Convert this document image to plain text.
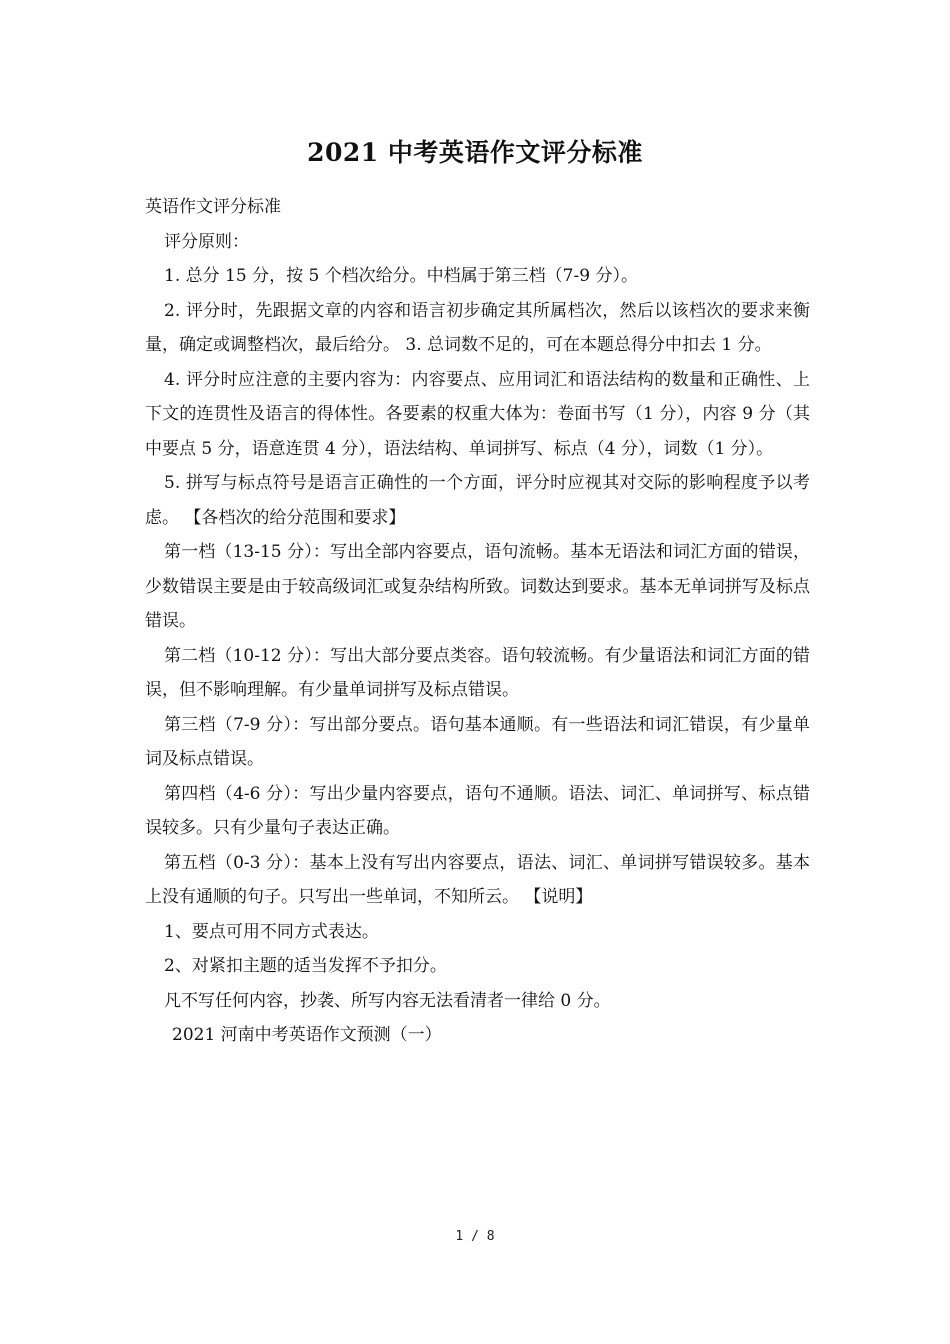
2021 中考英语作文评分标准

英语作文评分标准

评分原则：

1. 总分 15 分，按 5 个档次给分。中档属于第三档（7-9 分）。

2. 评分时，先跟据文章的内容和语言初步确定其所属档次，然后以该档次的要求来衡量，确定或调整档次，最后给分。 3. 总词数不足的，可在本题总得分中扣去 1 分。

4. 评分时应注意的主要内容为：内容要点、应用词汇和语法结构的数量和正确性、上下文的连贯性及语言的得体性。各要素的权重大体为：卷面书写（1 分），内容 9 分（其中要点 5 分，语意连贯 4 分），语法结构、单词拼写、标点（4 分），词数（1 分）。

5. 拼写与标点符号是语言正确性的一个方面，评分时应视其对交际的影响程度予以考虑。 【各档次的给分范围和要求】

第一档（13-15 分）：写出全部内容要点，语句流畅。基本无语法和词汇方面的错误，少数错误主要是由于较高级词汇或复杂结构所致。词数达到要求。基本无单词拼写及标点错误。

第二档（10-12 分）：写出大部分要点类容。语句较流畅。有少量语法和词汇方面的错误，但不影响理解。有少量单词拼写及标点错误。

第三档（7-9 分）：写出部分要点。语句基本通顺。有一些语法和词汇错误，有少量单词及标点错误。

第四档（4-6 分）：写出少量内容要点，语句不通顺。语法、词汇、单词拼写、标点错误较多。只有少量句子表达正确。

第五档（0-3 分）：基本上没有写出内容要点，语法、词汇、单词拼写错误较多。基本上没有通顺的句子。只写出一些单词，不知所云。 【说明】

1、要点可用不同方式表达。

2、对紧扣主题的适当发挥不予扣分。

凡不写任何内容，抄袭、所写内容无法看清者一律给 0 分。

2021 河南中考英语作文预测（一）

1 / 8
